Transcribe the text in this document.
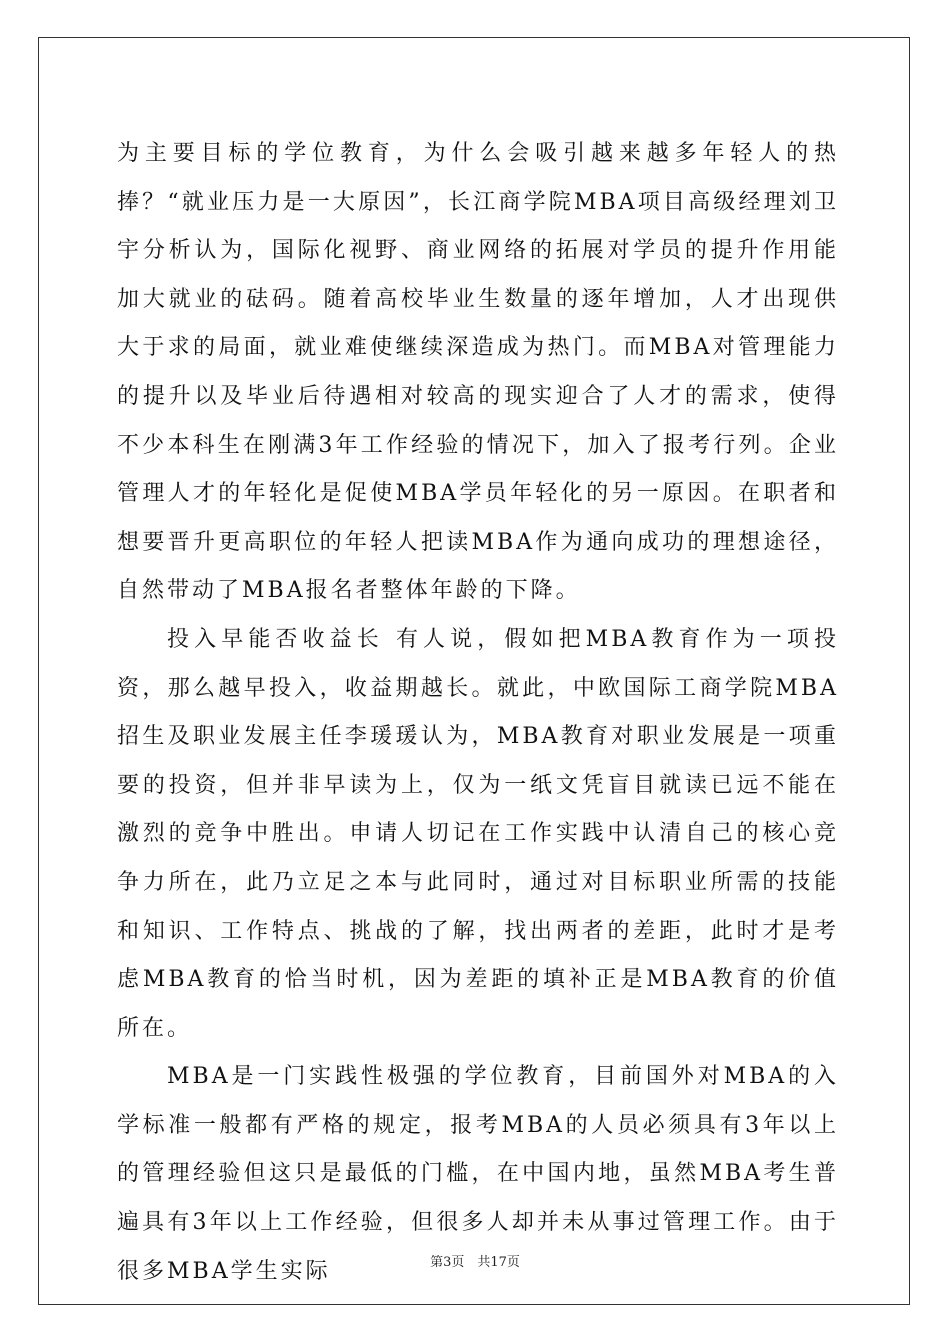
为主要目标的学位教育，为什么会吸引越来越多年轻人的热捧？“就业压力是一大原因”，长江商学院MBA项目高级经理刘卫宇分析认为，国际化视野、商业网络的拓展对学员的提升作用能加大就业的砝码。随着高校毕业生数量的逐年增加，人才出现供大于求的局面，就业难使继续深造成为热门。而MBA对管理能力的提升以及毕业后待遇相对较高的现实迎合了人才的需求，使得不少本科生在刚满3年工作经验的情况下，加入了报考行列。企业管理人才的年轻化是促使MBA学员年轻化的另一原因。在职者和想要晋升更高职位的年轻人把读MBA作为通向成功的理想途径，自然带动了MBA报名者整体年龄的下降。

投入早能否收益长 有人说，假如把MBA教育作为一项投资，那么越早投入，收益期越长。就此，中欧国际工商学院MBA招生及职业发展主任李瑗瑗认为，MBA教育对职业发展是一项重要的投资，但并非早读为上，仅为一纸文凭盲目就读已远不能在激烈的竞争中胜出。申请人切记在工作实践中认清自己的核心竞争力所在，此乃立足之本与此同时，通过对目标职业所需的技能和知识、工作特点、挑战的了解，找出两者的差距，此时才是考虑MBA教育的恰当时机，因为差距的填补正是MBA教育的价值所在。

MBA是一门实践性极强的学位教育，目前国外对MBA的入学标准一般都有严格的规定，报考MBA的人员必须具有3年以上的管理经验但这只是最低的门槛，在中国内地，虽然MBA考生普遍具有3年以上工作经验，但很多人却并未从事过管理工作。由于很多MBA学生实际	第3页　共17页
